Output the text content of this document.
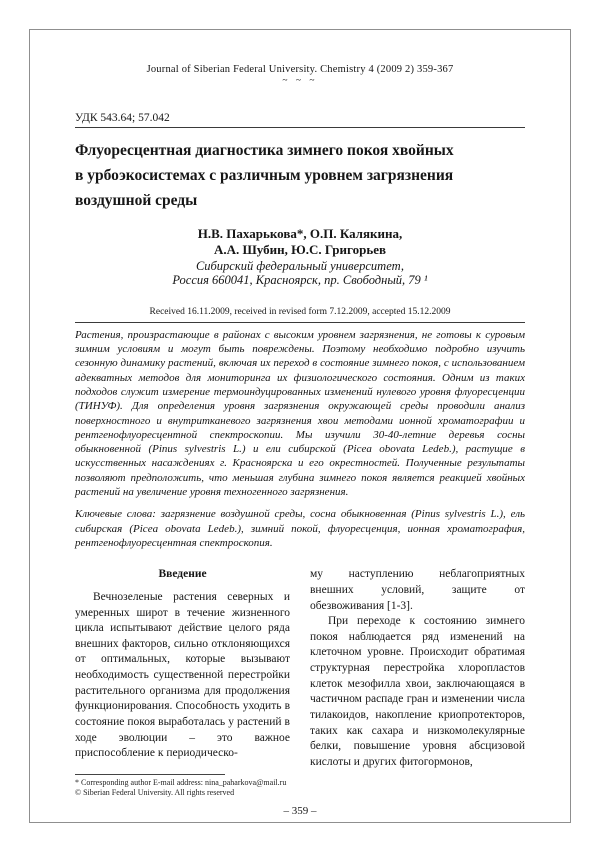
Journal of Siberian Federal University. Chemistry 4 (2009 2) 359-367
~ ~ ~
УДК 543.64; 57.042
Флуоресцентная диагностика зимнего покоя хвойных
в урбоэкосистемах с различным уровнем загрязнения
воздушной среды
Н.В. Пахарькова*, О.П. Калякина,
А.А. Шубин, Ю.С. Григорьев
Сибирский федеральный университет,
Россия 660041, Красноярск, пр. Свободный, 79 ¹
Received 16.11.2009, received in revised form 7.12.2009, accepted 15.12.2009
Растения, произрастающие в районах с высоким уровнем загрязнения, не готовы к суровым зимним условиям и могут быть повреждены. Поэтому необходимо подробно изучить сезонную динамику растений, включая их переход в состояние зимнего покоя, с использованием адекватных методов для мониторинга их физиологического состояния. Одним из таких подходов служит измерение термоиндуцированных изменений нулевого уровня флуоресценции (ТИНУФ). Для определения уровня загрязнения окружающей среды проводили анализ поверхностного и внутритканевого загрязнения хвои методами ионной хроматографии и рентгенофлуоресцентной спектроскопии. Мы изучили 30-40-летние деревья сосны обыкновенной (Pinus sylvestris L.) и ели сибирской (Picea obovata Ledeb.), растущие в искусственных насаждениях г. Красноярска и его окрестностей. Полученные результаты позволяют предположить, что меньшая глубина зимнего покоя является реакцией хвойных растений на увеличение уровня техногенного загрязнения.
Ключевые слова: загрязнение воздушной среды, сосна обыкновенная (Pinus sylvestris L.), ель сибирская (Picea obovata Ledeb.), зимний покой, флуоресценция, ионная хроматография, рентгенофлуоресцентная спектроскопия.
Введение

Вечнозеленые растения северных и умеренных широт в течение жизненного цикла испытывают действие целого ряда внешних факторов, сильно отклоняющихся от оптимальных, которые вызывают необходимость существенной перестройки растительного организма для продолжения функционирования. Способность уходить в состояние покоя выработалась у растений в ходе эволюции – это важное приспособление к периодическо-

му наступлению неблагоприятных внешних условий, защите от обезвоживания [1-3].

При переходе к состоянию зимнего покоя наблюдается ряд изменений на клеточном уровне. Происходит обратимая структурная перестройка хлоропластов клеток мезофилла хвои, заключающаяся в частичном распаде гран и изменении числа тилакоидов, накопление криопротекторов, таких как сахара и низкомолекулярные белки, повышение уровня абсцизовой кислоты и других фитогормонов,

* Corresponding author E-mail address: nina_paharkova@mail.ru
© Siberian Federal University. All rights reserved
– 359 –
